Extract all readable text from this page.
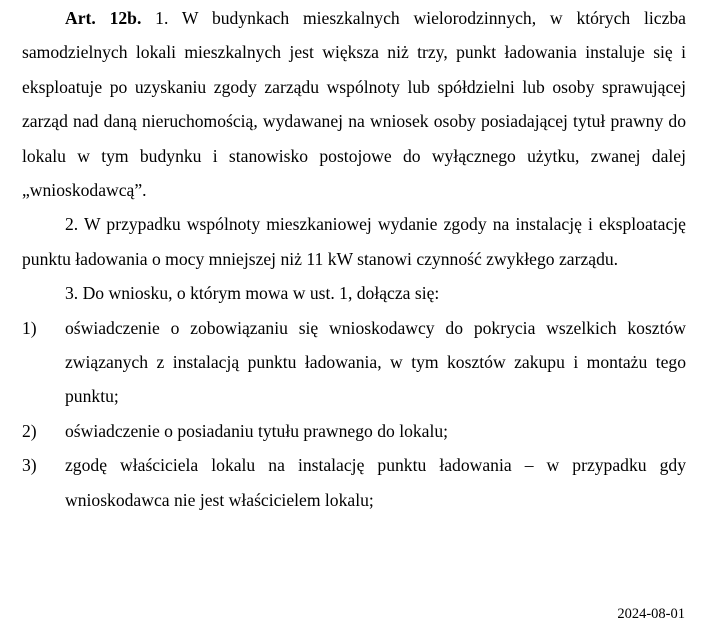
Art. 12b. 1. W budynkach mieszkalnych wielorodzinnych, w których liczba samodzielnych lokali mieszkalnych jest większa niż trzy, punkt ładowania instaluje się i eksploatuje po uzyskaniu zgody zarządu wspólnoty lub spółdzielni lub osoby sprawującej zarząd nad daną nieruchomością, wydawanej na wniosek osoby posiadającej tytuł prawny do lokalu w tym budynku i stanowisko postojowe do wyłącznego użytku, zwanej dalej „wnioskodawcą”.

2. W przypadku wspólnoty mieszkaniowej wydanie zgody na instalację i eksploatację punktu ładowania o mocy mniejszej niż 11 kW stanowi czynność zwykłego zarządu.

3. Do wniosku, o którym mowa w ust. 1, dołącza się:

1) oświadczenie o zobowiązaniu się wnioskodawcy do pokrycia wszelkich kosztów związanych z instalacją punktu ładowania, w tym kosztów zakupu i montażu tego punktu;
2) oświadczenie o posiadaniu tytułu prawnego do lokalu;
3) zgodę właściciela lokalu na instalację punktu ładowania – w przypadku gdy wnioskodawca nie jest właścicielem lokalu;
2024-08-01
